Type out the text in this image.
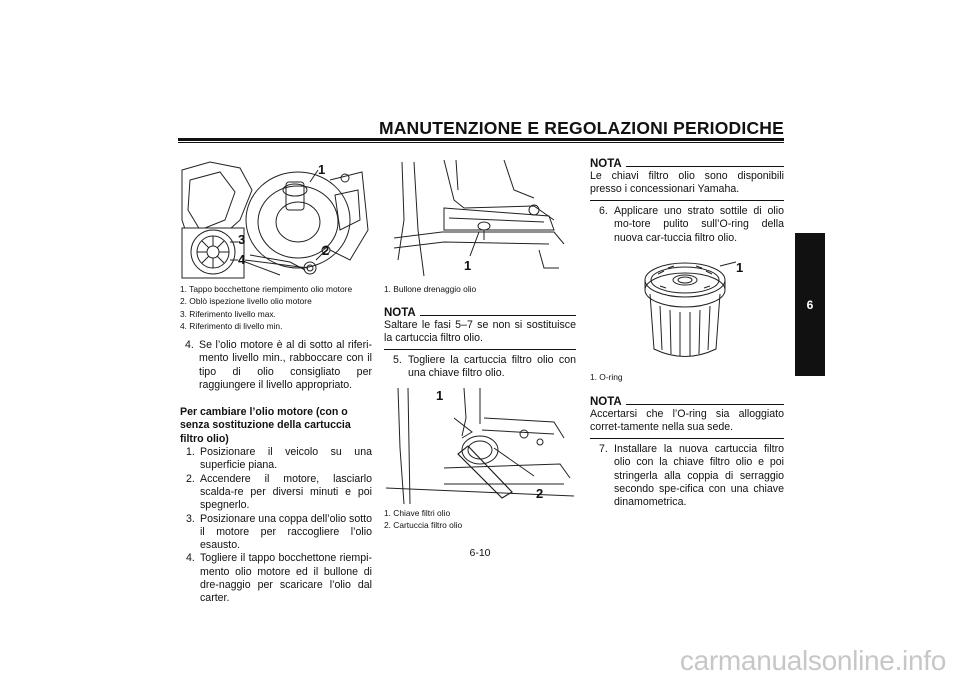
MANUTENZIONE E REGOLAZIONI PERIODICHE
6
1
2
3
4
1. Tappo bocchettone riempimento olio motore
2. Oblò ispezione livello olio motore
3. Riferimento livello max.
4. Riferimento di livello min.
4. Se l’olio motore è al di sotto al riferi-mento livello min., rabboccare con il tipo di olio consigliato per raggiungere il livello appropriato.
Per cambiare l’olio motore (con o senza sostituzione della cartuccia filtro olio)
1. Posizionare il veicolo su una superficie piana.
2. Accendere il motore, lasciarlo scalda-re per diversi minuti e poi spegnerlo.
3. Posizionare una coppa dell’olio sotto il motore per raccogliere l’olio esausto.
4. Togliere il tappo bocchettone riempi-mento olio motore ed il bullone di dre-naggio per scaricare l’olio dal carter.
1
1. Bullone drenaggio olio
NOTA
Saltare le fasi 5–7 se non si sostituisce la cartuccia filtro olio.
5. Togliere la cartuccia filtro olio con una chiave filtro olio.
1
2
1. Chiave filtri olio
2. Cartuccia filtro olio
NOTA
Le chiavi filtro olio sono disponibili presso i concessionari Yamaha.
6. Applicare uno strato sottile di olio mo-tore pulito sull’O-ring della nuova car-tuccia filtro olio.
1
1. O-ring
NOTA
Accertarsi che l’O-ring sia alloggiato corret-tamente nella sua sede.
7. Installare la nuova cartuccia filtro olio con la chiave filtro olio e poi stringerla alla coppia di serraggio secondo spe-cifica con una chiave dinamometrica.
6-10
carmanualsonline.info
